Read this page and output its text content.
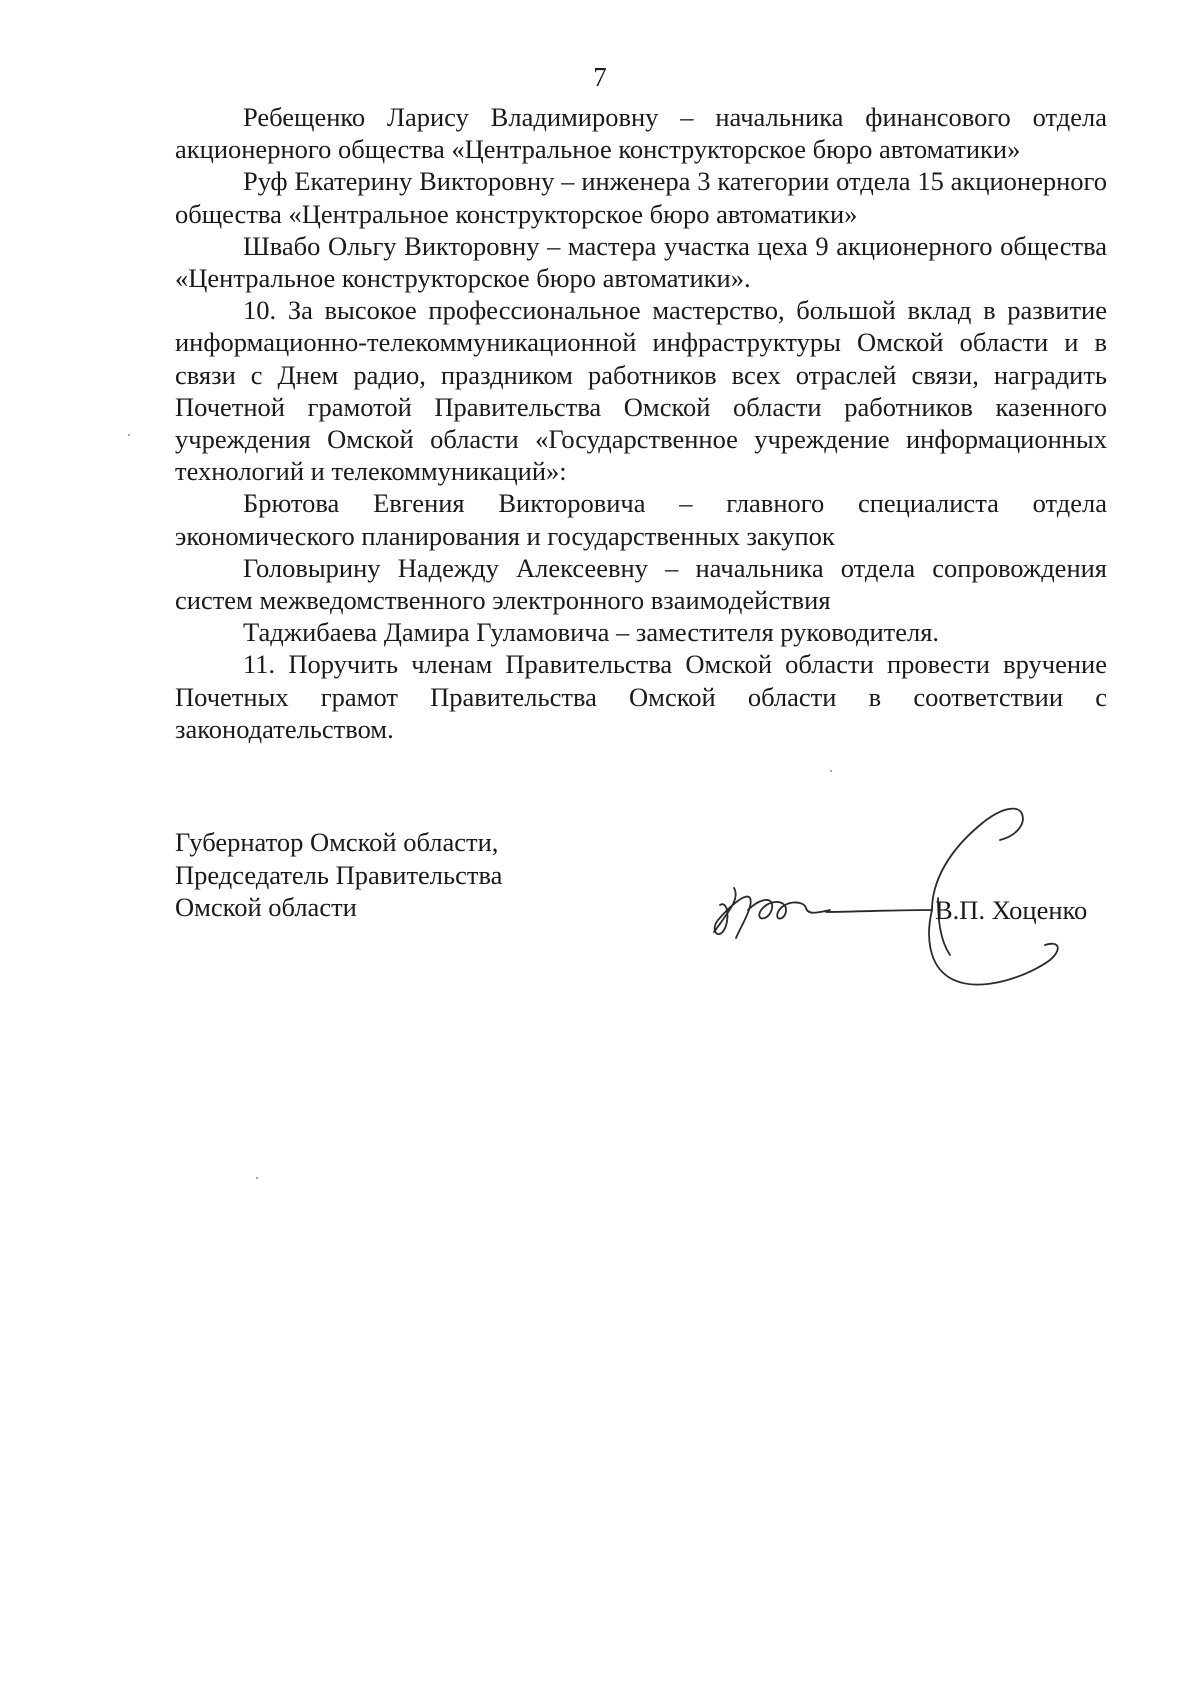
7

Ребещенко Ларису Владимировну – начальника финансового отдела акционерного общества «Центральное конструкторское бюро автоматики»

Руф Екатерину Викторовну – инженера 3 категории отдела 15 акционерного общества «Центральное конструкторское бюро автоматики»

Швабо Ольгу Викторовну – мастера участка цеха 9 акционерного общества «Центральное конструкторское бюро автоматики».

10. За высокое профессиональное мастерство, большой вклад в развитие информационно-телекоммуникационной инфраструктуры Омской области и в связи с Днем радио, праздником работников всех отраслей связи, наградить Почетной грамотой Правительства Омской области работников казенного учреждения Омской области «Государственное учреждение информационных технологий и телекоммуникаций»:

Брютова Евгения Викторовича – главного специалиста отдела экономического планирования и государственных закупок

Головырину Надежду Алексеевну – начальника отдела сопровождения систем межведомственного электронного взаимодействия

Таджибаева Дамира Гуламовича – заместителя руководителя.

11. Поручить членам Правительства Омской области провести вручение Почетных грамот Правительства Омской области в соответствии с законодательством.

Губернатор Омской области,
Председатель Правительства
Омской области	В.П. Хоценко
